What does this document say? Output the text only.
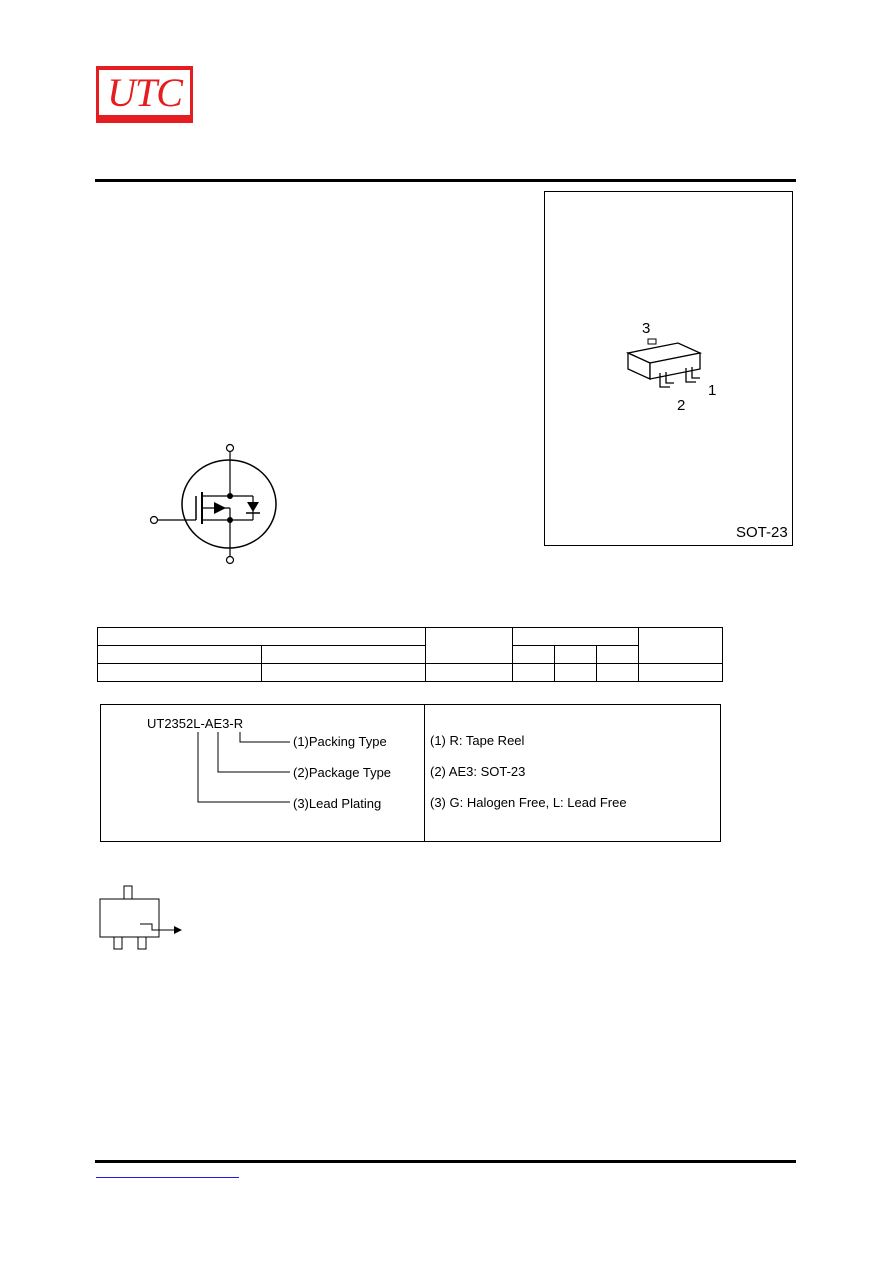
UTC
3
1
2
SOT-23

UT2352L-AE3-R
(1)Packing Type
(2)Package Type
(3)Lead Plating
(1) R: Tape Reel
(2) AE3: SOT-23
(3) G: Halogen Free, L: Lead Free
